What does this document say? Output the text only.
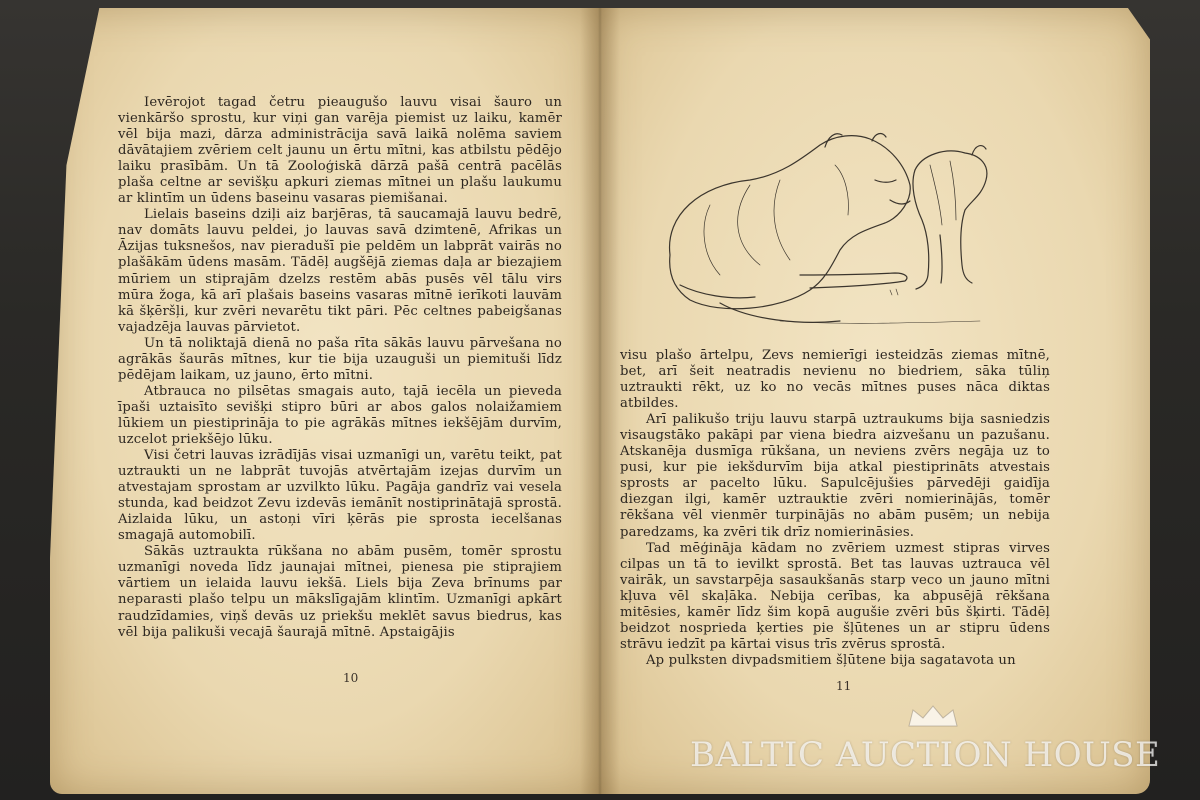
Ievērojot tagad četru pieaugušo lauvu visai šauro un vienkāršo sprostu, kur viņi gan varēja piemist uz laiku, kamēr vēl bija mazi, dārza administrācija savā laikā nolēma saviem dāvātajiem zvēriem celt jaunu un ērtu mītni, kas atbilstu pēdējo laiku prasībām. Un tā Zooloģiskā dārzā pašā centrā pacēlās plaša celtne ar sevišķu apkuri ziemas mītnei un plašu laukumu ar klintīm un ūdens baseinu vasaras piemišanai.

Lielais baseins dziļi aiz barjēras, tā saucamajā lauvu bedrē, nav domāts lauvu peldei, jo lauvas savā dzimtenē, Afrikas un Āzijas tuksnešos, nav pieradušī pie peldēm un labprāt vairās no plašākām ūdens masām. Tādēļ augšējā ziemas daļa ar biezajiem mūriem un stiprajām dzelzs restēm abās pusēs vēl tālu virs mūra žoga, kā arī plašais baseins vasaras mītnē ierīkoti lauvām kā šķēršļi, kur zvēri nevarētu tikt pāri. Pēc celtnes pabeigšanas vajadzēja lauvas pārvietot.

Un tā noliktajā dienā no paša rīta sākās lauvu pārvešana no agrākās šaurās mītnes, kur tie bija uzauguši un piemituši līdz pēdējam laikam, uz jauno, ērto mītni.

Atbrauca no pilsētas smagais auto, tajā iecēla un pieveda īpaši uztaisīto sevišķi stipro būri ar abos galos nolaižamiem lūkiem un piestiprināja to pie agrākās mītnes iekšējām durvīm, uzcelot priekšējo lūku.

Visi četri lauvas izrādījās visai uzmanīgi un, varētu teikt, pat uztraukti un ne labprāt tuvojās atvērtajām izejas durvīm un atvestajam sprostam ar uzvilkto lūku. Pagāja gandrīz vai vesela stunda, kad beidzot Zevu izdevās iemānīt nostiprinātajā sprostā. Aizlaida lūku, un astoņi vīri ķērās pie sprosta iecelšanas smagajā automobilī.

Sākās uztraukta rūkšana no abām pusēm, tomēr sprostu uzmanīgi noveda līdz jaunajai mītnei, pienesa pie stiprajiem vārtiem un ielaida lauvu iekšā. Liels bija Zeva brīnums par neparasti plašo telpu un mākslīgajām klintīm. Uzmanīgi apkārt raudzīdamies, viņš devās uz priekšu meklēt savus biedrus, kas vēl bija palikuši vecajā šaurajā mītnē. Apstaigājis

10

visu plašo ārtelpu, Zevs nemierīgi iesteidzās ziemas mītnē, bet, arī šeit neatradis nevienu no biedriem, sāka tūliņ uztraukti rēkt, uz ko no vecās mītnes puses nāca diktas atbildes.

Arī palikušo triju lauvu starpā uztraukums bija sasniedzis visaugstāko pakāpi par viena biedra aizvešanu un pazušanu. Atskanēja dusmīga rūkšana, un neviens zvērs negāja uz to pusi, kur pie iekšdurvīm bija atkal piestiprināts atvestais sprosts ar pacelto lūku. Sapulcējušies pārvedēji gaidīja diezgan ilgi, kamēr uztrauktie zvēri nomierinājās, tomēr rēkšana vēl vienmēr turpinājās no abām pusēm; un nebija paredzams, ka zvēri tik drīz nomierināsies.

Tad mēģināja kādam no zvēriem uzmest stipras virves cilpas un tā to ievilkt sprostā. Bet tas lauvas uztrauca vēl vairāk, un savstarpēja sasaukšanās starp veco un jauno mītni kļuva vēl skaļāka. Nebija cerības, ka abpusējā rēkšana mitēsies, kamēr līdz šim kopā augušie zvēri būs šķirti. Tādēļ beidzot nosprieda ķerties pie šļūtenes un ar stipru ūdens strāvu iedzīt pa kārtai visus trīs zvērus sprostā.

Ap pulksten divpadsmitiem šļūtene bija sagatavota un

11
BALTIC AUCTION HOUSE
